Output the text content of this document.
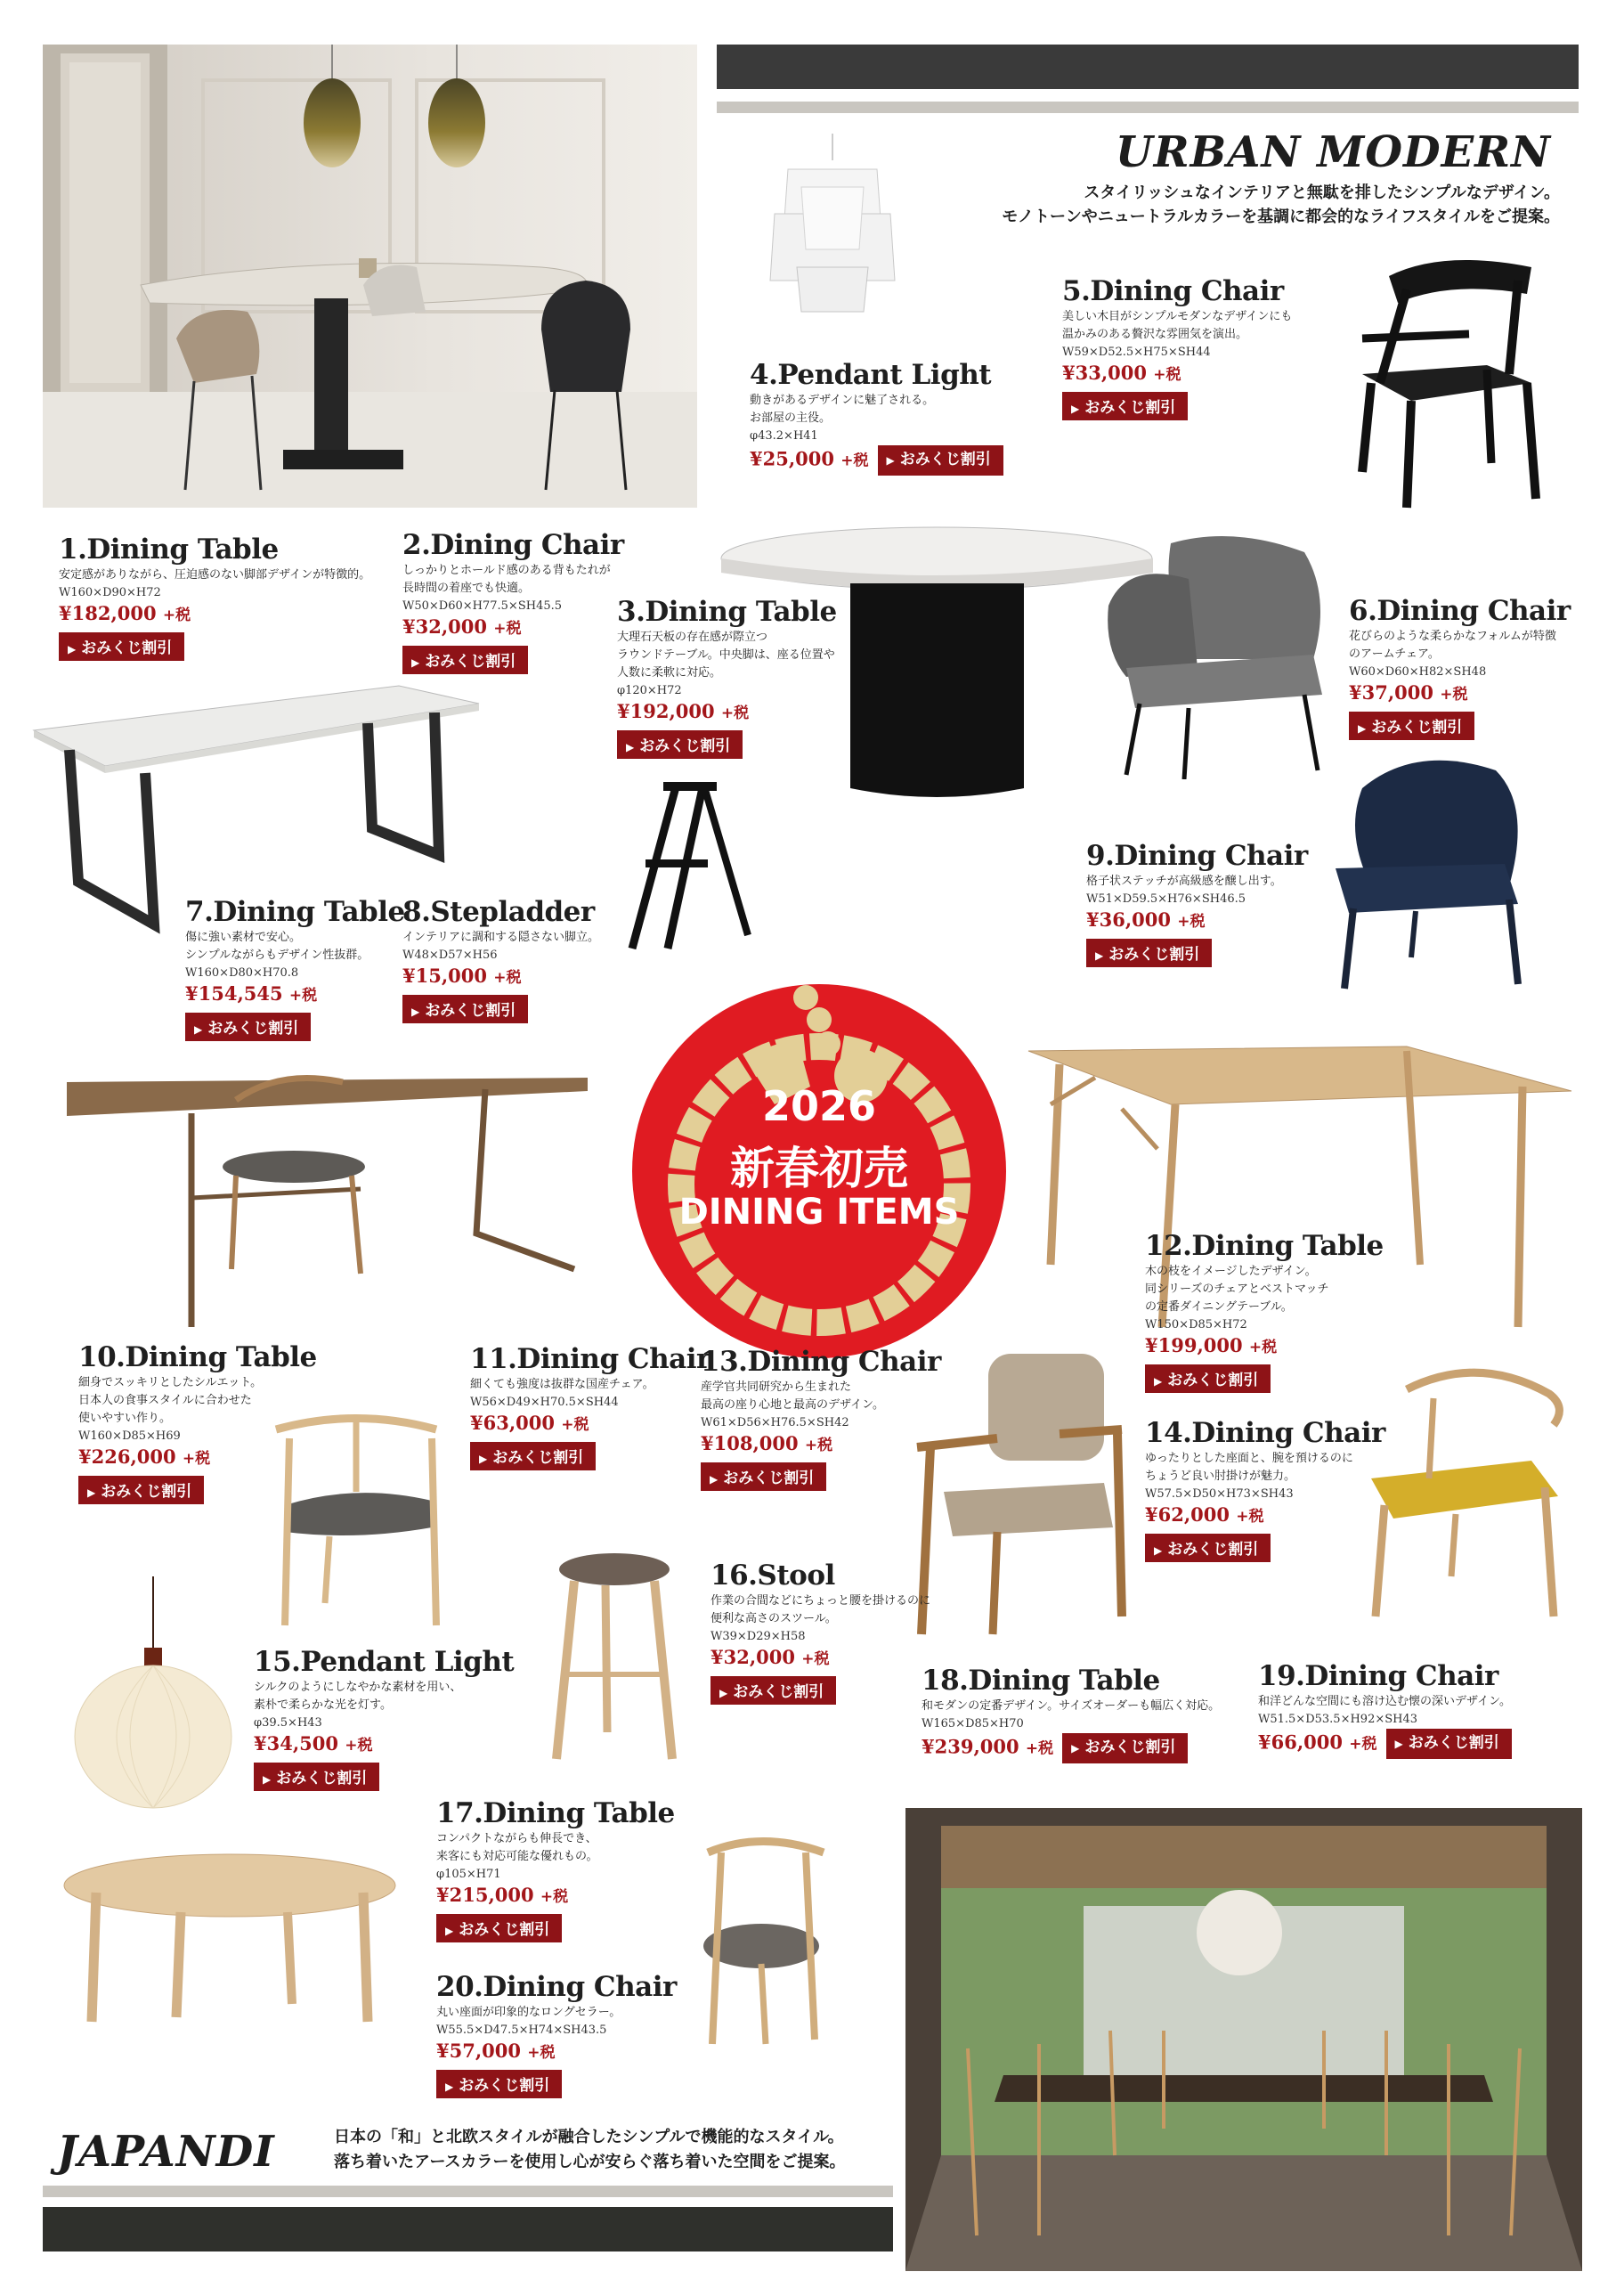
URBAN MODERN
スタイリッシュなインテリアと無駄を排したシンプルなデザイン。
モノトーンやニュートラルカラーを基調に都会的なライフスタイルをご提案。
JAPANDI	日本の「和」と北欧スタイルが融合したシンプルで機能的なスタイル。
落ち着いたアースカラーを使用し心が安らぐ落ち着いた空間をご提案。
2026
新春初売
DINING ITEMS
1.Dining Table
安定感がありながら、圧迫感のない脚部デザインが特徴的。
W160×D90×H72
¥182,000 +税
▶ おみくじ割引
2.Dining Chair
しっかりとホールド感のある背もたれが
長時間の着座でも快適。
W50×D60×H77.5×SH45.5
¥32,000 +税
▶ おみくじ割引
3.Dining Table
大理石天板の存在感が際立つ
ラウンドテーブル。中央脚は、座る位置や
人数に柔軟に対応。
φ120×H72
¥192,000 +税
▶ おみくじ割引
4.Pendant Light
動きがあるデザインに魅了される。
お部屋の主役。
φ43.2×H41
¥25,000 +税 ▶ おみくじ割引
5.Dining Chair
美しい木目がシンプルモダンなデザインにも
温かみのある贅沢な雰囲気を演出。
W59×D52.5×H75×SH44
¥33,000 +税
▶ おみくじ割引
6.Dining Chair
花びらのような柔らかなフォルムが特徴
のアームチェア。
W60×D60×H82×SH48
¥37,000 +税
▶ おみくじ割引
7.Dining Table
傷に強い素材で安心。
シンプルながらもデザイン性抜群。
W160×D80×H70.8
¥154,545 +税
▶ おみくじ割引
8.Stepladder
インテリアに調和する隠さない脚立。
W48×D57×H56
¥15,000 +税
▶ おみくじ割引
9.Dining Chair
格子状ステッチが高級感を醸し出す。
W51×D59.5×H76×SH46.5
¥36,000 +税
▶ おみくじ割引
10.Dining Table
細身でスッキリとしたシルエット。
日本人の食事スタイルに合わせた
使いやすい作り。
W160×D85×H69
¥226,000 +税
▶ おみくじ割引
11.Dining Chair
細くても強度は抜群な国産チェア。
W56×D49×H70.5×SH44
¥63,000 +税
▶ おみくじ割引
12.Dining Table
木の枝をイメージしたデザイン。
同シリーズのチェアとベストマッチ
の定番ダイニングテーブル。
W150×D85×H72
¥199,000 +税
▶ おみくじ割引
13.Dining Chair
産学官共同研究から生まれた
最高の座り心地と最高のデザイン。
W61×D56×H76.5×SH42
¥108,000 +税
▶ おみくじ割引
14.Dining Chair
ゆったりとした座面と、腕を預けるのに
ちょうど良い肘掛けが魅力。
W57.5×D50×H73×SH43
¥62,000 +税
▶ おみくじ割引
15.Pendant Light
シルクのようにしなやかな素材を用い、
素朴で柔らかな光を灯す。
φ39.5×H43
¥34,500 +税
▶ おみくじ割引
16.Stool
作業の合間などにちょっと腰を掛けるのに
便利な高さのスツール。
W39×D29×H58
¥32,000 +税
▶ おみくじ割引
17.Dining Table
コンパクトながらも伸長でき、
来客にも対応可能な優れもの。
φ105×H71
¥215,000 +税
▶ おみくじ割引
18.Dining Table
和モダンの定番デザイン。サイズオーダーも幅広く対応。
W165×D85×H70
¥239,000 +税 ▶ おみくじ割引
19.Dining Chair
和洋どんな空間にも溶け込む懐の深いデザイン。
W51.5×D53.5×H92×SH43
¥66,000 +税 ▶ おみくじ割引
20.Dining Chair
丸い座面が印象的なロングセラー。
W55.5×D47.5×H74×SH43.5
¥57,000 +税
▶ おみくじ割引
